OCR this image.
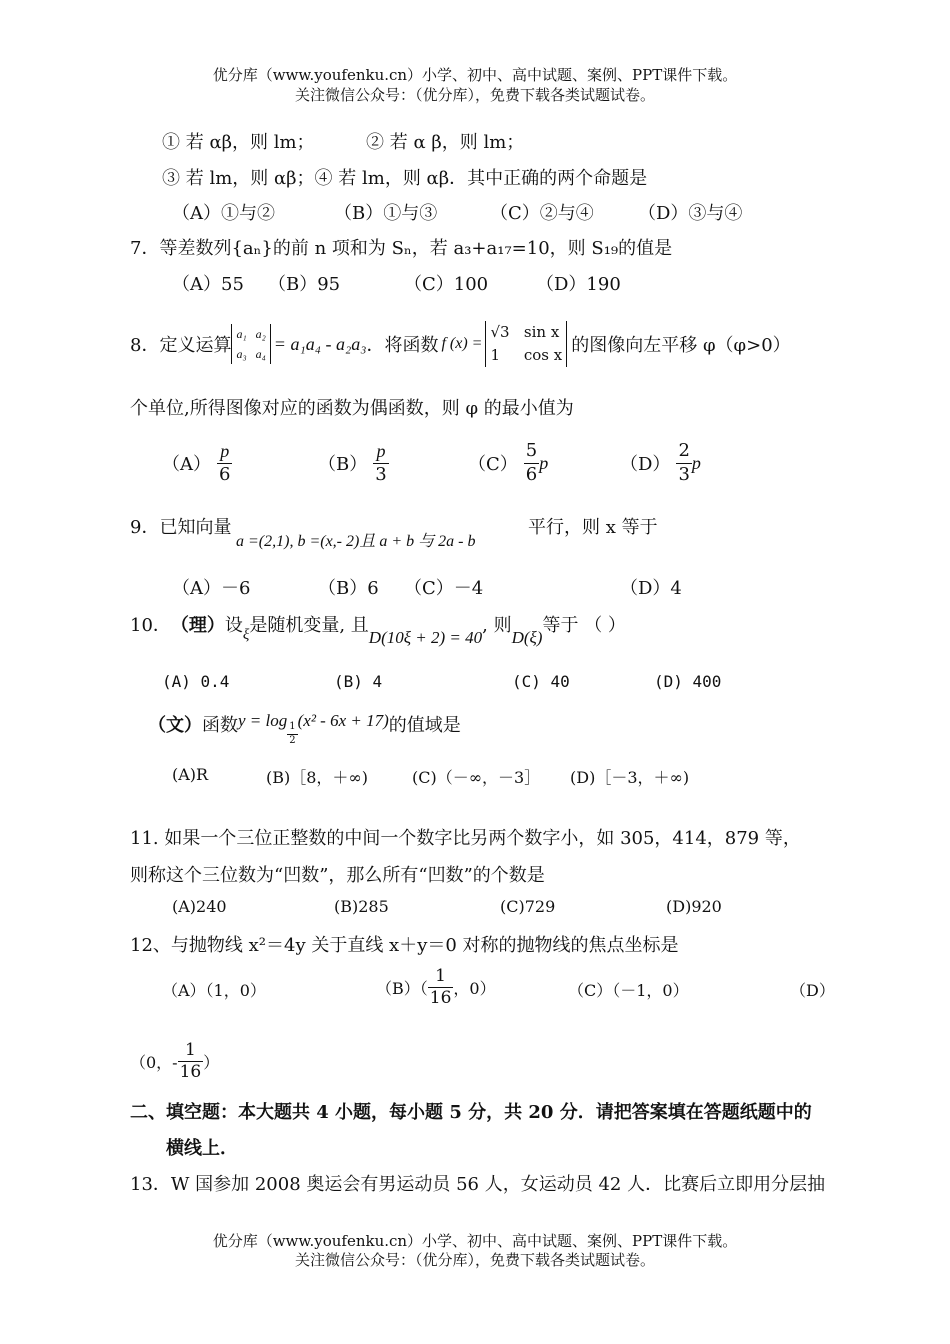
优分库（www.youfenku.cn）小学、初中、高中试题、案例、PPT课件下载。
关注微信公众号：（优分库），免费下载各类试题试卷。
① 若 αβ，则 lm；	② 若 α β，则 lm；
③ 若 lm，则 αβ；④ 若 lm，则 αβ．其中正确的两个命题是
（A）①与②	（B）①与③	（C）②与④ （D）③与④
7．等差数列{aₙ}的前 n 项和为 Sₙ，若 a₃+a₁₇=10，则 S₁₉的值是
（A）55 （B）95	（C）100	（D）190
8．定义运算
a₁ a₂
a₃ a₄
= a₁a₄ - a₂a₃ ．将函数 f (x) =
√3 sin x
1 cos x 的图像向左平移 φ（φ>0）
个单位,所得图像对应的函数为偶函数，则 φ 的最小值为
$(A) \frac{p}{6}$	$(B) \frac{p}{3}$	$(C) \frac{5}{6}$ p	$(D) \frac{2}{3}$ p
9．已知向量
a =(2,1), b =(x,- 2)且 a + b 与 2a - b
平行，则 x 等于
（A）－6	（B）6 （C）－4	（D）4
10． （理） 设 ξ 是随机变量, 且
D(10ξ + 2) = 40
, 则
D(ξ)
等于 （ ）
(A) 0.4	(B) 4	(C) 40	(D) 400
（文） 函数 y = log
$\frac{1}{2}$
(x² - 6x + 17) 的值域是
(A)R	(B)［8，＋∞)	(C)（－∞，－3］ (D)［－3，＋∞)
11. 如果一个三位正整数的中间一个数字比另两个数字小，如 305，414，879 等，
则称这个三位数为“凹数”，那么所有“凹数”的个数是
(A)240	(B)285	(C)729	(D)920
12、与抛物线 x²＝4y 关于直线 x＋y＝0 对称的抛物线的焦点坐标是
（A）（1，0）	$(B)( \frac{1}{16}$ ，0）	（C）（－1，0）	（D）
（0，- $\frac{1}{16}$ ）
二、填空题：本大题共 4 小题，每小题 5 分，共 20 分．请把答案填在答题纸题中的
横线上．
13．W 国参加 2008 奥运会有男运动员 56 人，女运动员 42 人．比赛后立即用分层抽
优分库（www.youfenku.cn）小学、初中、高中试题、案例、PPT课件下载。
关注微信公众号：（优分库），免费下载各类试题试卷。
